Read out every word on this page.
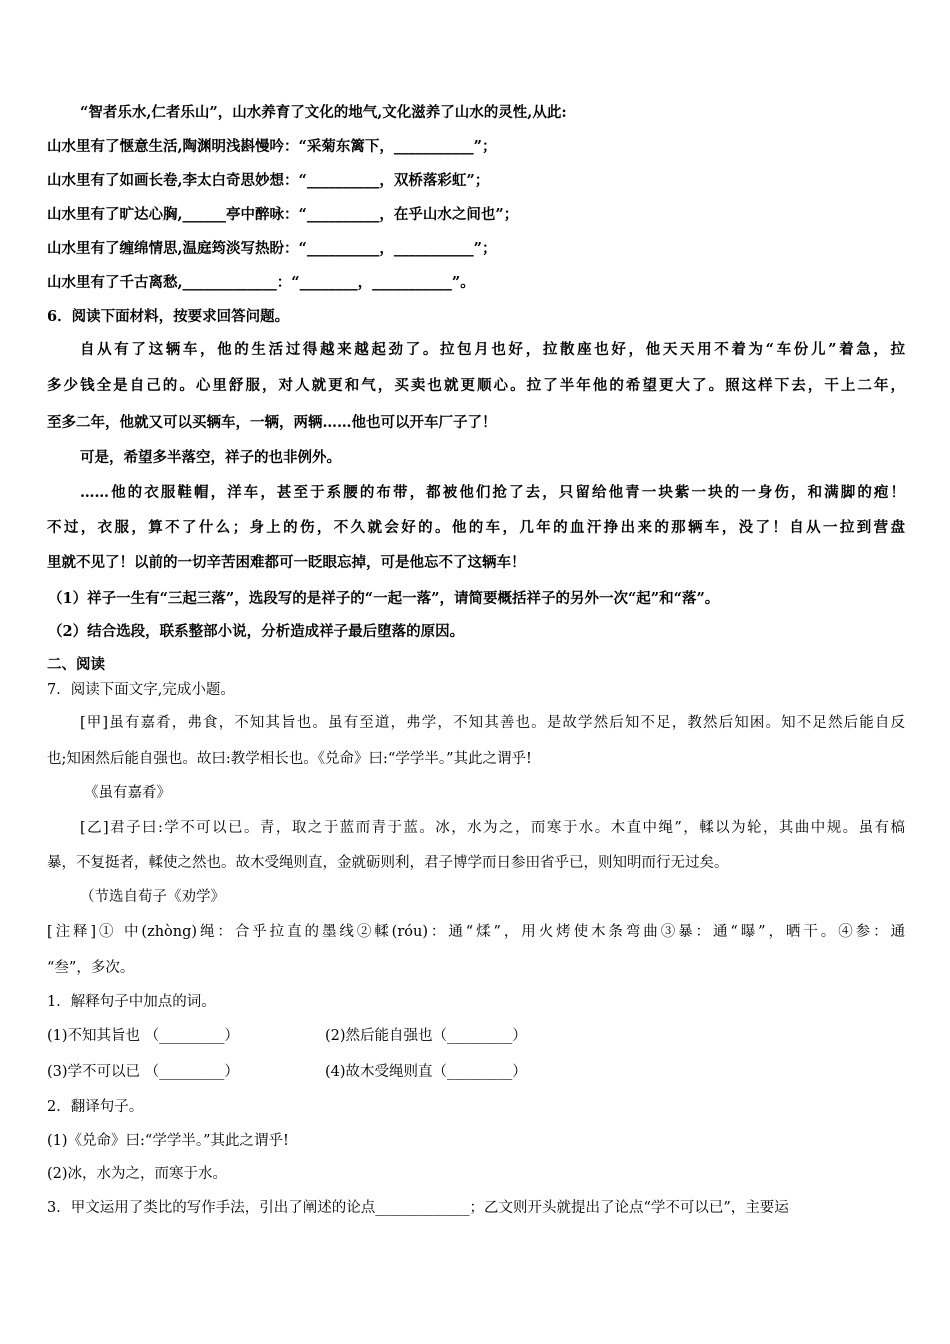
“智者乐水,仁者乐山”，山水养育了文化的地气,文化滋养了山水的灵性,从此:
山水里有了惬意生活,陶渊明浅斟慢吟：“采菊东篱下，___________”；
山水里有了如画长卷,李太白奇思妙想：“__________，双桥落彩虹”；
山水里有了旷达心胸,______亭中醉咏：“__________，在乎山水之间也”；
山水里有了缠绵情思,温庭筠淡写热盼：“__________，___________”；
山水里有了千古离愁,_____________：“________，___________”。
6．阅读下面材料，按要求回答问题。
自从有了这辆车，他的生活过得越来越起劲了。拉包月也好，拉散座也好，他天天用不着为“车份儿”着急，拉
多少钱全是自己的。心里舒服，对人就更和气，买卖也就更顺心。拉了半年他的希望更大了。照这样下去，干上二年，
至多二年，他就又可以买辆车，一辆，两辆……他也可以开车厂子了！
可是，希望多半落空，祥子的也非例外。
……他的衣服鞋帽，洋车，甚至于系腰的布带，都被他们抢了去，只留给他青一块紫一块的一身伤，和满脚的疱！
不过，衣服，算不了什么；身上的伤，不久就会好的。他的车，几年的血汗挣出来的那辆车，没了！自从一拉到营盘
里就不见了！以前的一切辛苦困难都可一眨眼忘掉，可是他忘不了这辆车！
（1）祥子一生有“三起三落”，选段写的是祥子的“一起一落”，请简要概括祥子的另外一次“起”和“落”。
（2）结合选段，联系整部小说，分析造成祥子最后堕落的原因。
二、阅读
7．阅读下面文字,完成小题。
[甲]虽有嘉肴，弗食，不知其旨也。虽有至道，弗学，不知其善也。是故学然后知不足，教然后知困。知不足然后能自反
也;知困然后能自强也。故曰:教学相长也。《兑命》曰:“学学半。”其此之谓乎!
《虽有嘉肴》
[乙]君子曰:学不可以已。青，取之于蓝而青于蓝。冰，水为之，而寒于水。木直中绳”，輮以为轮，其曲中规。虽有槁
暴，不复挺者，輮使之然也。故木受绳则直，金就砺则利，君子博学而日参田省乎已，则知明而行无过矣。
（节选自荀子《劝学》
[注释]① 中(zhòng)绳：合乎拉直的墨线②輮(róu)：通“煣”，用火烤使木条弯曲③暴：通“曝”，晒干。④参：通
“叁”，多次。
1．解释句子中加点的词。
(1)不知其旨也 （_________）	(2)然后能自强也（_________）
(3)学不可以已 （_________）	(4)故木受绳则直（_________）
2．翻译句子。
(1)《兑命》曰:“学学半。”其此之谓乎!
(2)冰，水为之，而寒于水。
3．甲文运用了类比的写作手法，引出了阐述的论点_____________；乙文则开头就提出了论点“学不可以已”，主要运
